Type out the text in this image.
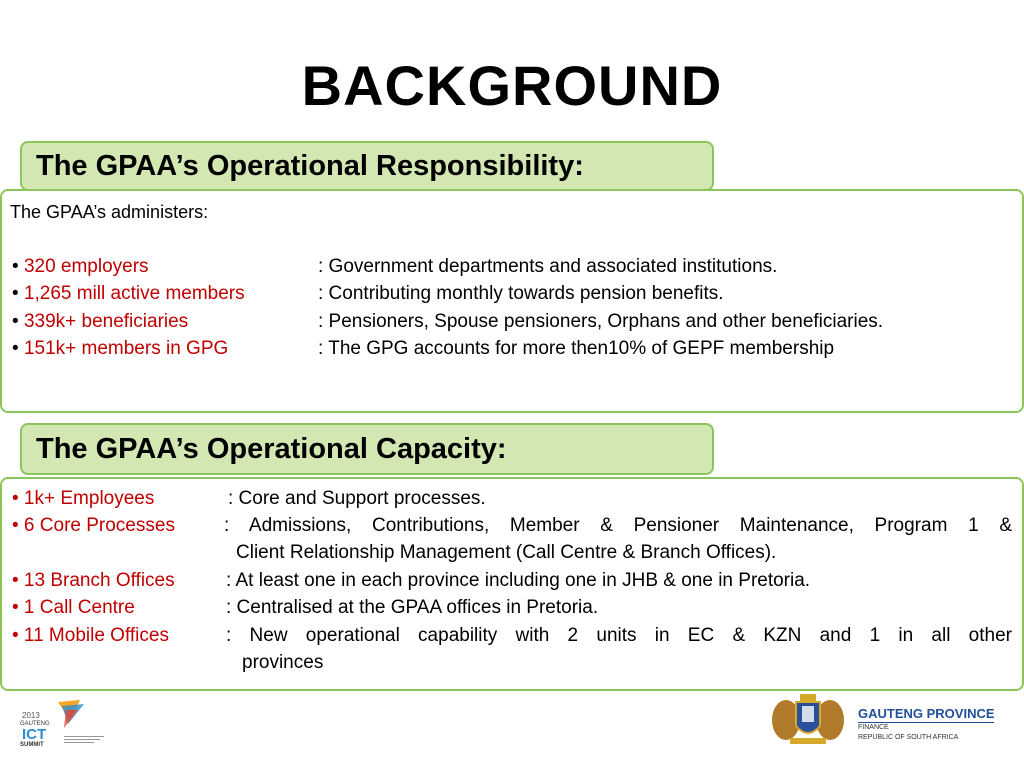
BACKGROUND
The GPAA’s Operational Responsibility:
The GPAA’s administers:
• 320 employers	: Government departments and associated institutions.
• 1,265 mill active members	: Contributing monthly towards pension benefits.
• 339k+ beneficiaries	: Pensioners, Spouse pensioners, Orphans and other beneficiaries.
• 151k+ members in GPG	: The GPG accounts for more then10% of GEPF membership
The GPAA’s Operational Capacity:
• 1k+ Employees	: Core and Support processes.
• 6 Core Processes	: Admissions, Contributions, Member & Pensioner Maintenance, Program 1 &
Client Relationship Management (Call Centre & Branch Offices).
• 13 Branch Offices	: At least one in each province including one in JHB & one in Pretoria.
• 1 Call Centre	: Centralised at the GPAA offices in Pretoria.
• 11 Mobile Offices	: New operational capability with 2 units in EC & KZN and 1 in all other
provinces
2013
GAUTENG
ICT
SUMMIT
GAUTENG PROVINCE
FINANCE
REPUBLIC OF SOUTH AFRICA
